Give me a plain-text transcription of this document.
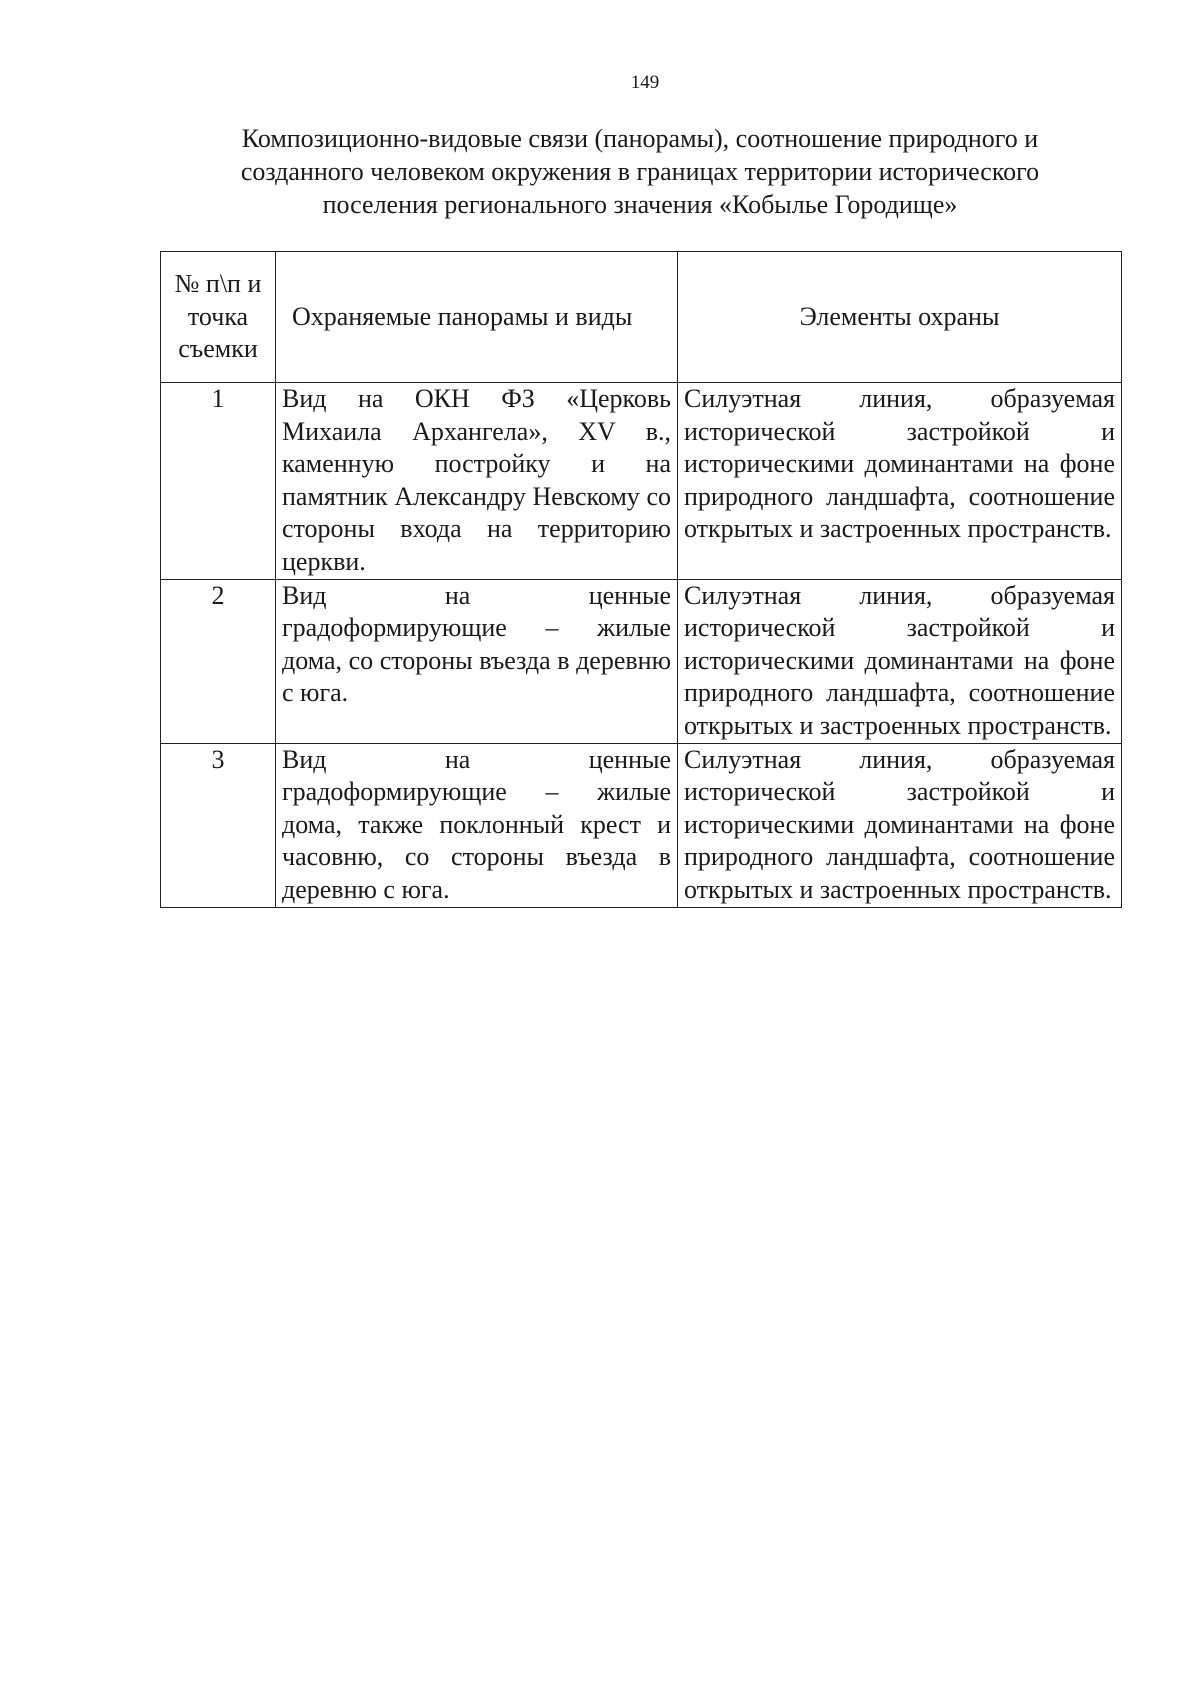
149
Композиционно-видовые связи (панорамы), соотношение природного и
созданного человеком окружения в границах территории исторического
поселения регионального значения «Кобылье Городище»
№ п\п и точка съемки	Охраняемые панорамы и виды	Элементы охраны
1	Вид на ОКН ФЗ «Церковь Михаила Архангела», XV в., каменную постройку и на памятник Александру Невскому со стороны входа на территорию церкви.	Силуэтная линия, образуемая исторической застройкой и историческими доминантами на фоне природного ландшафта, соотношение открытых и застроенных пространств.
2	Вид на ценные градоформирующие – жилые дома, со стороны въезда в деревню с юга.	Силуэтная линия, образуемая исторической застройкой и историческими доминантами на фоне природного ландшафта, соотношение открытых и застроенных пространств.
3	Вид на ценные градоформирующие – жилые дома, также поклонный крест и часовню, со стороны въезда в деревню с юга.	Силуэтная линия, образуемая исторической застройкой и историческими доминантами на фоне природного ландшафта, соотношение открытых и застроенных пространств.
